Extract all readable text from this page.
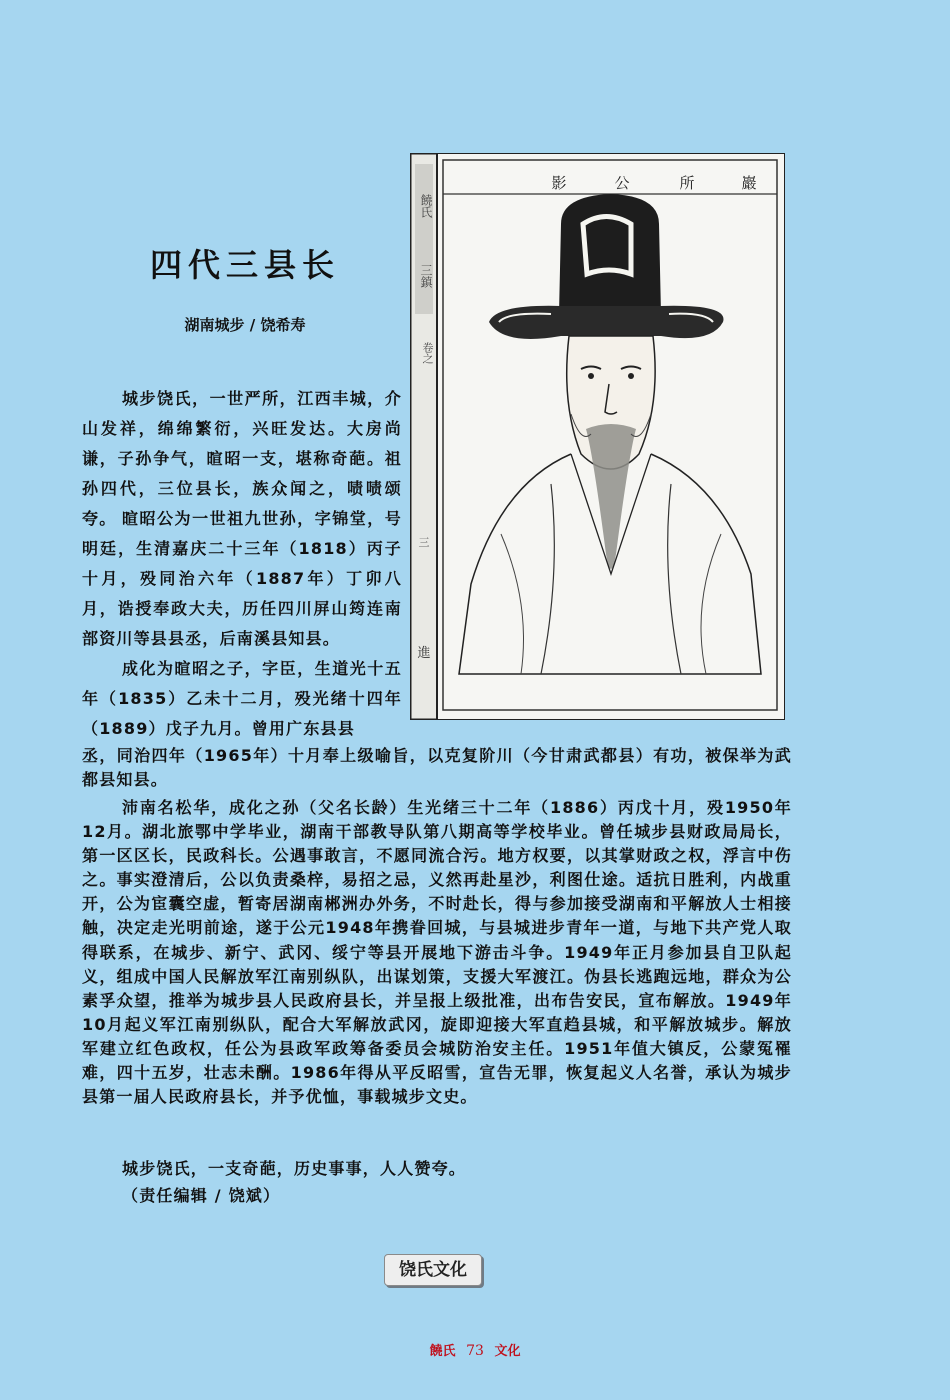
四代三县长
湖南城步 / 饶希寿
巖
所
公
影
饒氏
三鎮
卷之
三
進

城步饶氏，一世严所，江西丰城，介山发祥，绵绵繁衍，兴旺发达。大房尚谦，子孙争气，暄昭一支，堪称奇葩。祖孙四代，三位县长，族众闻之，啧啧颂夸。 暄昭公为一世祖九世孙，字锦堂，号明廷，生清嘉庆二十三年（1818）丙子十月，殁同治六年（1887年）丁卯八月，诰授奉政大夫，历任四川屏山筠连南部资川等县县丞，后南溪县知县。

成化为暄昭之子，字臣，生道光十五年（1835）乙未十二月，殁光绪十四年（1889）戊子九月。曾用广东县县

丞，同治四年（1965年）十月奉上级喻旨，以克复阶川（今甘肃武都县）有功，被保举为武都县知县。

沛南名松华，成化之孙（父名长龄）生光绪三十二年（1886）丙戊十月，殁1950年12月。湖北旅鄂中学毕业，湖南干部教导队第八期高等学校毕业。曾任城步县财政局局长，第一区区长，民政科长。公遇事敢言，不愿同流合污。地方权要，以其掌财政之权，浮言中伤之。事实澄清后，公以负责桑梓，易招之忌，义然再赴星沙，利图仕途。适抗日胜利，内战重开，公为宦囊空虚，暂寄居湖南郴洲办外务，不时赴长，得与参加接受湖南和平解放人士相接触，决定走光明前途，遂于公元1948年携眷回城，与县城进步青年一道，与地下共产党人取得联系，在城步、新宁、武冈、绥宁等县开展地下游击斗争。1949年正月参加县自卫队起义，组成中国人民解放军江南别纵队，出谋划策，支援大军渡江。伪县长逃跑远地，群众为公素孚众望，推举为城步县人民政府县长，并呈报上级批准，出布告安民，宣布解放。1949年10月起义军江南别纵队，配合大军解放武冈，旋即迎接大军直趋县城，和平解放城步。解放军建立红色政权，任公为县政军政筹备委员会城防治安主任。1951年值大镇反，公蒙冤罹难，四十五岁，壮志未酬。1986年得从平反昭雪，宣告无罪，恢复起义人名誉，承认为城步县第一届人民政府县长，并予优恤，事载城步文史。

城步饶氏，一支奇葩，历史事事，人人赞夸。

（责任编辑 / 饶斌）

饶氏文化
饒氏 73 文化
